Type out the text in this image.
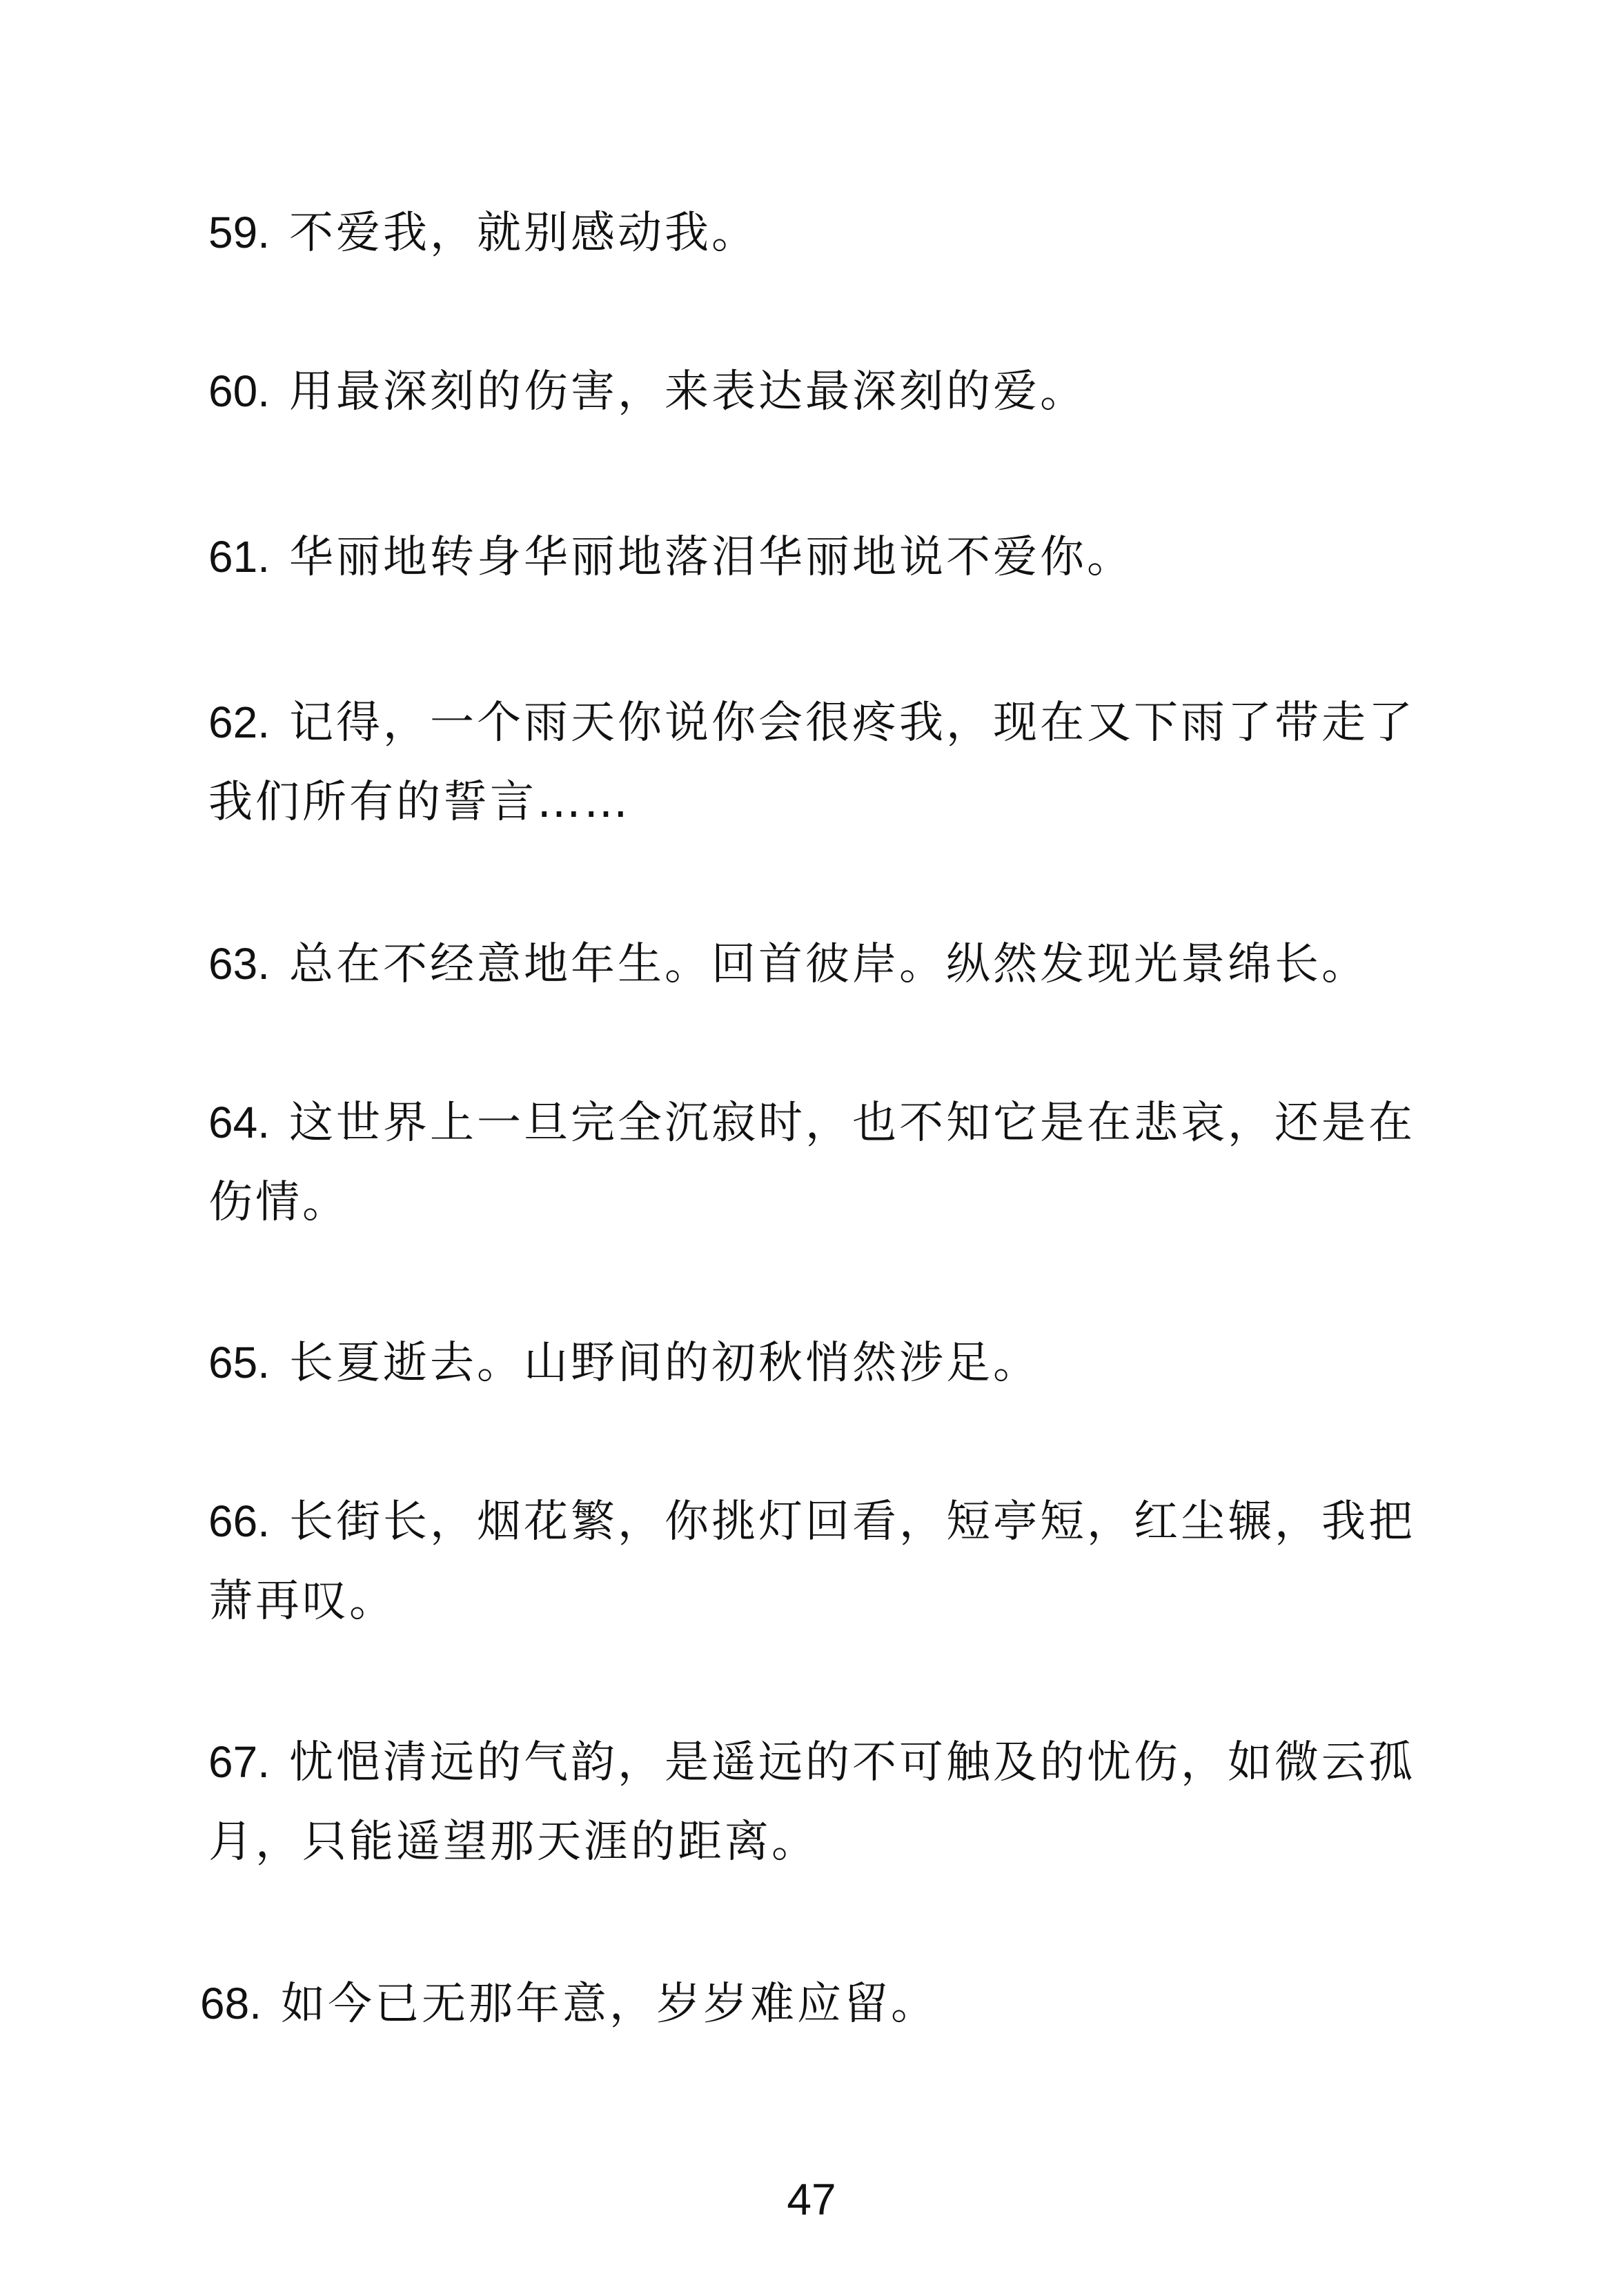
59. 不爱我，就别感动我。

60. 用最深刻的伤害，来表达最深刻的爱。

61. 华丽地转身华丽地落泪华丽地说不爱你。

62. 记得，一个雨天你说你会很疼我，现在又下雨了带走了我们所有的誓言……

63. 总在不经意地年生。回首彼岸。纵然发现光景绵长。

64. 这世界上一旦完全沉寂时，也不知它是在悲哀，还是在伤情。

65. 长夏逝去。山野间的初秋悄然涉足。

66. 长街长，烟花繁，你挑灯回看，短亭短，红尘辗，我把萧再叹。

67. 忧悒清远的气韵，是遥远的不可触及的忧伤，如微云孤月，只能遥望那天涯的距离。

68. 如今已无那年意，岁岁难应留。

47
